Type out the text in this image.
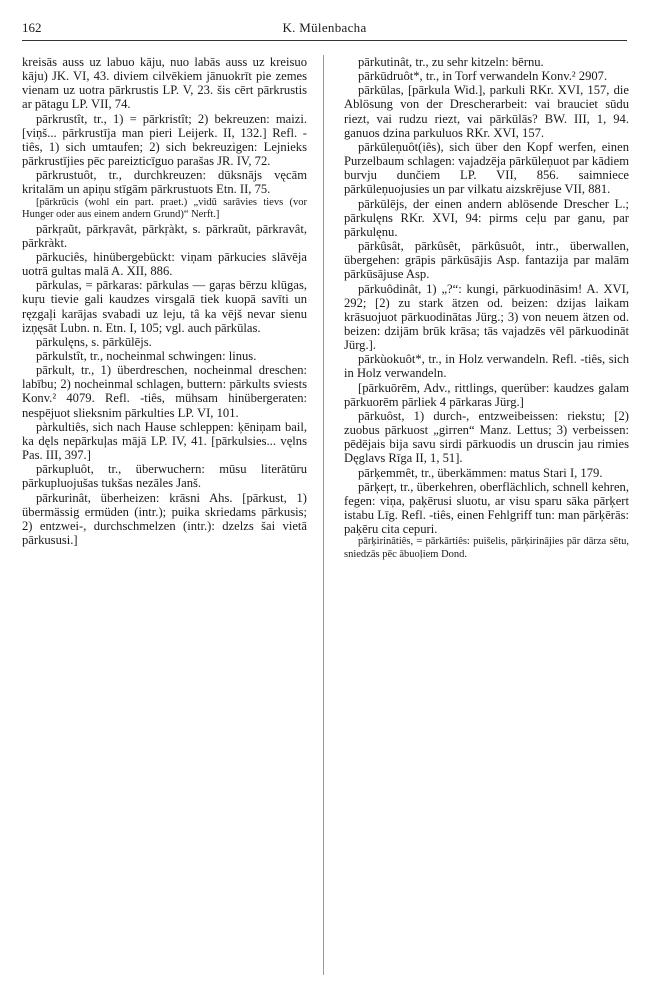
162	K. Mülenbacha

kreisās auss uz labuo kāju, nuo labās auss uz kreisuo kāju) JK. VI, 43. diviem cilvēkiem jānuokrīt pie zemes vienam uz uotra pārkrustis LP. V, 23. šis cērt pārkrustis ar pātagu LP. VII, 74.

pārkrustît, tr., 1) = pārkristît; 2) bekreuzen: maizi. [viņš... pārkrustīja man pieri Leijerk. II, 132.] Refl. -tiês, 1) sich umtaufen; 2) sich bekreuzigen: Lejnieks pārkrustījies pēc pareizticīguo parašas JR. IV, 72.

pārkrustuôt, tr., durchkreuzen: dūksnājs vęcām kritalām un apiņu stīgām pārkrustuots Etn. II, 75.

[pārkrūcis (wohl ein part. praet.) „vidū sarāvies tievs (vor Hunger oder aus einem andern Grund)“ Nerft.]

pārkŗaũt, pārkŗavât, pārkŗàkt, s. pārkraũt, pārkravât, pārkràkt.

pārkuciês, hinübergebückt: viņam pārkucies slāvēja uotrā gultas malā A. XII, 886.

pārkulas, = pārkaras: pārkulas — gaŗas bērzu klūgas, kuŗu tievie gali kaudzes virsgalā tiek kuopā savīti un ręzgaļi karājas svabadi uz leju, tâ ka vējš nevar sienu izņęsāt Lubn. n. Etn. I, 105; vgl. auch pārkūlas.

pārkulęns, s. pārkūlējs.

pārkulstît, tr., nocheinmal schwingen: linus.

pārkult, tr., 1) überdreschen, nocheinmal dreschen: labību; 2) nocheinmal schlagen, buttern: pārkults sviests Konv.² 4079. Refl. -tiês, mühsam hinübergeraten: nespējuot slieksnim pārkulties LP. VI, 101.

pàrkultiês, sich nach Hause schleppen: ķēniņam bail, ka dęls nepārkuļas mājā LP. IV, 41. [pārkulsies... vęlns Pas. III, 397.]

pārkupluôt, tr., überwuchern: mūsu literātūru pārkupluojušas tukšas nezāles Janš.

pārkurinât, überheizen: krāsni Ahs. [pārkust, 1) übermässig ermüden (intr.); puika skriedams pārkusis; 2) entzwei-, durchschmelzen (intr.): dzelzs šai vietā pārkususi.]

pārkutinât, tr., zu sehr kitzeln: bērnu.

pārkūdruôt*, tr., in Torf verwandeln Konv.² 2907.

pārkūlas, [pārkula Wid.], parkuli RKr. XVI, 157, die Ablösung von der Drescherarbeit: vai brauciet sūdu riezt, vai rudzu riezt, vai pārkūlās? BW. III, 1, 94. ganuos dzina parkuluos RKr. XVI, 157.

pārkūleņuôt(iês), sich über den Kopf werfen, einen Purzelbaum schlagen: vajadzēja pārkūleņuot par kādiem burvju dunčiem LP. VII, 856. saimniece pārkūleņuojusies un par vilkatu aizskrējuse VII, 881.

pārkūlējs, der einen andern ablösende Drescher L.; pārkulęns RKr. XVI, 94: pirms ceļu par ganu, par pārkulęnu.

pārkûsât, pārkûsêt, pārkûsuôt, intr., überwallen, übergehen: grāpis pārkūsājis Asp. fantazija par malām pārkūsājuse Asp.

pārkuôdinât, 1) „?“: kungi, pārkuodināsim! A. XVI, 292; [2) zu stark ätzen od. beizen: dzijas laikam krāsuojuot pārkuodinātas Jürg.; 3) von neuem ätzen od. beizen: dzijām brūk krāsa; tās vajadzēs vēl pārkuodināt Jürg.].

pārkùokuôt*, tr., in Holz verwandeln. Refl. -tiês, sich in Holz verwandeln.

[pārkuōrēm, Adv., rittlings, querüber: kaudzes galam pārkuorēm pārliek 4 pārkaras Jürg.]

pārkuôst, 1) durch-, entzweibeissen: riekstu; [2) zuobus pārkuost „girren“ Manz. Lettus; 3) verbeissen: pēdējais bija savu sirdi pārkuodis un druscin jau rimies Dęglavs Rīga II, 1, 51].

pārķemmêt, tr., überkämmen: matus Stari I, 179.

pārķeŗt, tr., überkehren, oberflächlich, schnell kehren, fegen: viņa, paķērusi sluotu, ar visu sparu sāka pārķert istabu Līg. Refl. -tiês, einen Fehlgriff tun: man pārķērās: paķēru cita cepuri.

pārķirinâtiês, = pārkārtiês: puišelis, pārķirinājies pār dārza sētu, sniedzās pēc ābuoļiem Dond.
